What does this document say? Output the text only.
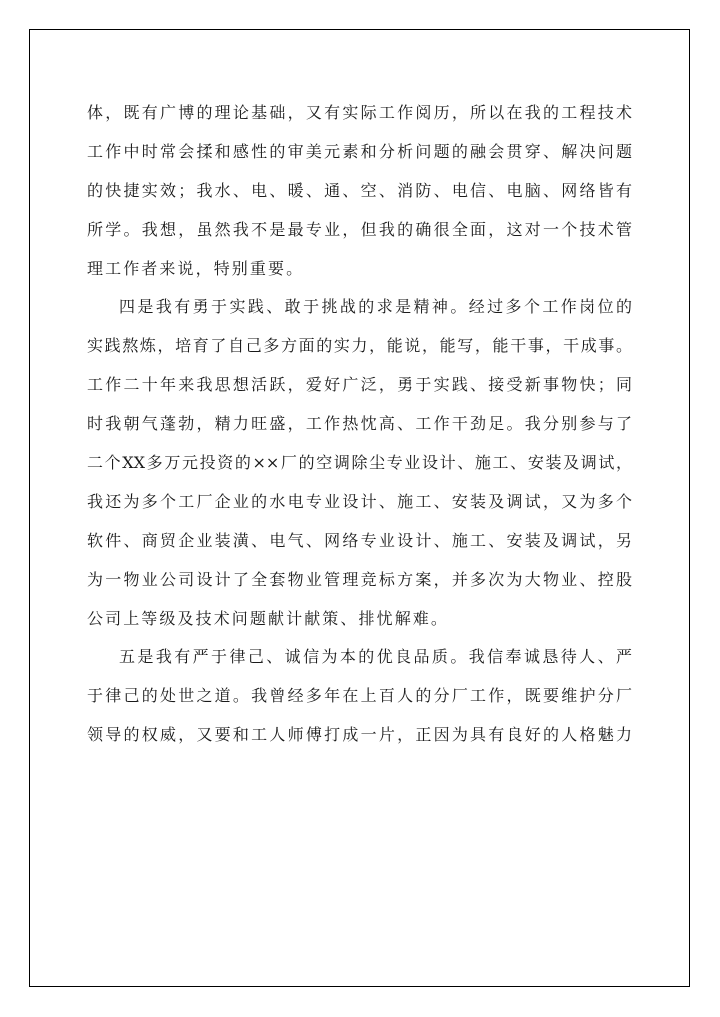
体，既有广博的理论基础，又有实际工作阅历，所以在我的工程技术
工作中时常会揉和感性的审美元素和分析问题的融会贯穿、解决问题
的快捷实效；我水、电、暖、通、空、消防、电信、电脑、网络皆有
所学。我想，虽然我不是最专业，但我的确很全面，这对一个技术管
理工作者来说，特别重要。
四是我有勇于实践、敢于挑战的求是精神。经过多个工作岗位的
实践熬炼，培育了自己多方面的实力，能说，能写，能干事，干成事。
工作二十年来我思想活跃，爱好广泛，勇于实践、接受新事物快；同
时我朝气蓬勃，精力旺盛，工作热忱高、工作干劲足。我分别参与了
二个XX多万元投资的××厂的空调除尘专业设计、施工、安装及调试，
我还为多个工厂企业的水电专业设计、施工、安装及调试，又为多个
软件、商贸企业装潢、电气、网络专业设计、施工、安装及调试，另
为一物业公司设计了全套物业管理竞标方案，并多次为大物业、控股
公司上等级及技术问题献计献策、排忧解难。
五是我有严于律己、诚信为本的优良品质。我信奉诚恳待人、严
于律己的处世之道。我曾经多年在上百人的分厂工作，既要维护分厂
领导的权威，又要和工人师傅打成一片，正因为具有良好的人格魅力
